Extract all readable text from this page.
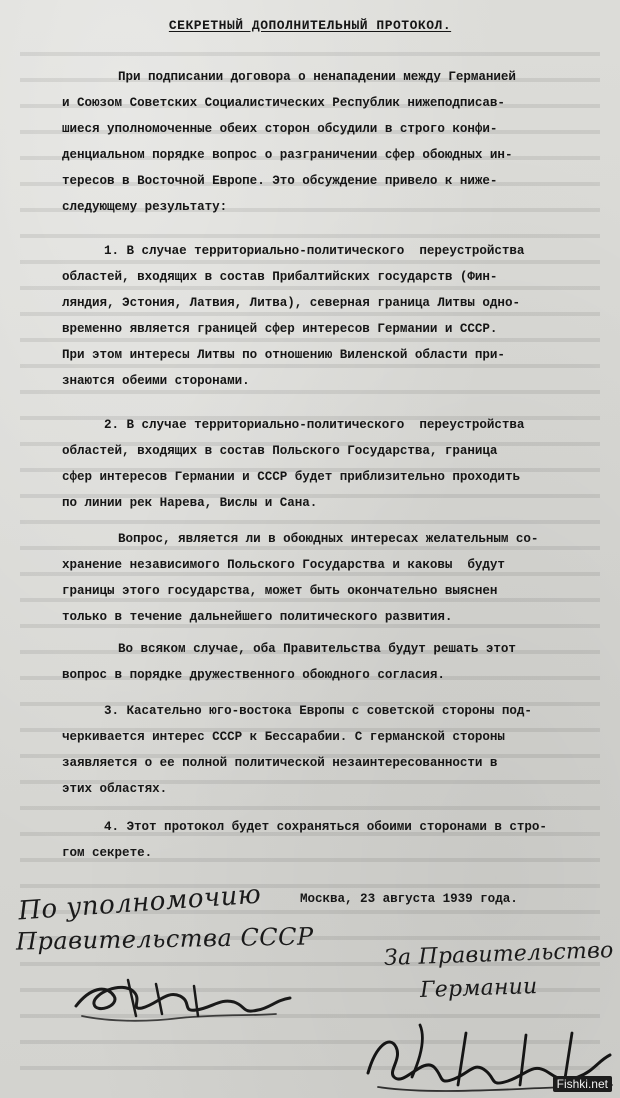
СЕКРЕТНЫЙ ДОПОЛНИТЕЛЬНЫЙ ПРОТОКОЛ.
При подписании договора о ненападении между Германией
и Союзом Советских Социалистических Республик нижеподписав-
шиеся уполномоченные обеих сторон обсудили в строго конфи-
денциальном порядке вопрос о разграничении сфер обоюдных ин-
тересов в Восточной Европе. Это обсуждение привело к нижe-
следующему результату:
1. В случае территориально-политического  переустройства
областей, входящих в состав Прибалтийских государств (Фин-
ляндия, Эстония, Латвия, Литва), северная граница Литвы одно-
временно является границей сфер интересов Германии и СССР.
При этом интересы Литвы по отношению Виленской области при-
знаются обеими сторонами.
2. В случае территориально-политического  переустройства
областей, входящих в состав Польского Государства, граница
сфер интересов Германии и СССР будет приблизительно проходить
по линии рек Нарева, Вислы и Сана.
Вопрос, является ли в обоюдных интересах желательным со-
хранение независимого Польского Государства и каковы  будут
границы этого государства, может быть окончательно выяснен
только в течение дальнейшего политического развития.
Во всяком случае, оба Правительства будут решать этот
вопрос в порядке дружественного обоюдного согласия.
3. Касательно юго-востока Европы с советской стороны под-
черкивается интерес СССР к Бессарабии. С германской стороны
заявляется о ее полной политической незаинтересованности в
этих областях.
4. Этот протокол будет сохраняться обоими сторонами в стро-
гом секрете.
Москва, 23 августа 1939 года.
По уполномочию
Правительства СССР	За Правительство
Германии
Fishki.net
